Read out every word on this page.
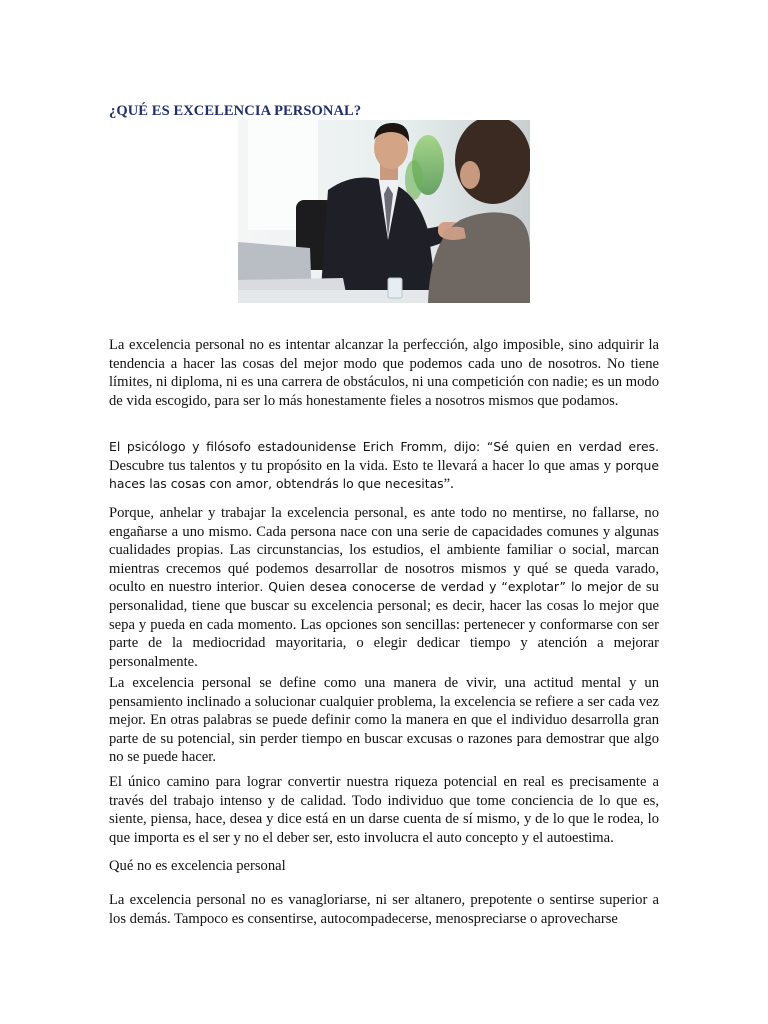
¿QUÉ ES EXCELENCIA PERSONAL?

La excelencia personal no es intentar alcanzar la perfección, algo imposible, sino adquirir la tendencia a hacer las cosas del mejor modo que podemos cada uno de nosotros. No tiene límites, ni diploma, ni es una carrera de obstáculos, ni una competición con nadie; es un modo de vida escogido, para ser lo más honestamente fieles a nosotros mismos que podamos.

El psicólogo y filósofo estadounidense Erich Fromm, dijo: “Sé quien en verdad eres. Descubre tus talentos y tu propósito en la vida. Esto te llevará a hacer lo que amas y porque haces las cosas con amor, obtendrás lo que necesitas”.

Porque, anhelar y trabajar la excelencia personal, es ante todo no mentirse, no fallarse, no engañarse a uno mismo. Cada persona nace con una serie de capacidades comunes y algunas cualidades propias. Las circunstancias, los estudios, el ambiente familiar o social, marcan mientras crecemos qué podemos desarrollar de nosotros mismos y qué se queda varado, oculto en nuestro interior. Quien desea conocerse de verdad y “explotar” lo mejor de su personalidad, tiene que buscar su excelencia personal; es decir, hacer las cosas lo mejor que sepa y pueda en cada momento. Las opciones son sencillas: pertenecer y conformarse con ser parte de la mediocridad mayoritaria, o elegir dedicar tiempo y atención a mejorar personalmente.

La excelencia personal se define como una manera de vivir, una actitud mental y un pensamiento inclinado a solucionar cualquier problema, la excelencia se refiere a ser cada vez mejor. En otras palabras se puede definir como la manera en que el individuo desarrolla gran parte de su potencial, sin perder tiempo en buscar excusas o razones para demostrar que algo no se puede hacer.

El único camino para lograr convertir nuestra riqueza potencial en real es precisamente a través del trabajo intenso y de calidad. Todo individuo que tome conciencia de lo que es, siente, piensa, hace, desea y dice está en un darse cuenta de sí mismo, y de lo que le rodea, lo que importa es el ser y no el deber ser, esto involucra el auto concepto y el autoestima.

Qué no es excelencia personal

La excelencia personal no es vanagloriarse, ni ser altanero, prepotente o sentirse superior a los demás. Tampoco es consentirse, autocompadecerse, menospreciarse o aprovecharse
